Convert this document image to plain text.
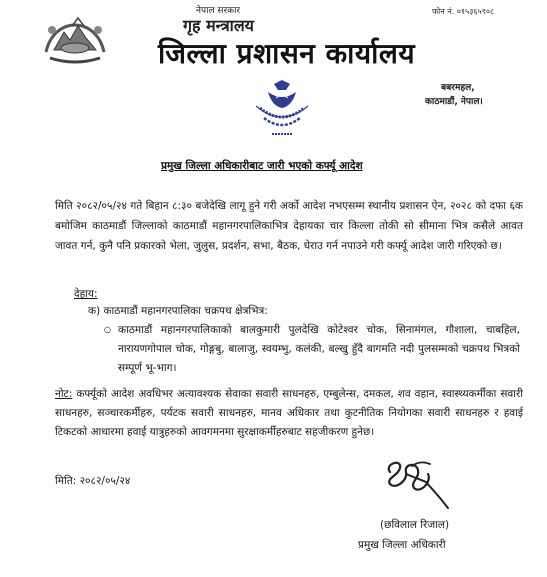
नेपाल सरकार
गृह मन्त्रालय
जिल्ला प्रशासन कार्यालय
फोन नं. ०१५३६५९०८
बबरमहल,
काठमाडौं, नेपाल।
प्रमुख जिल्ला अधिकारीबाट जारी भएको कर्फ्यू आदेश
मिति २०८२/०५/२४ गते बिहान ८:३० बजेदेखि लागू हुने गरी अर्को आदेश नभएसम्म स्थानीय प्रशासन ऐन, २०२८ को दफा ६क बमोजिम काठमाडौं जिल्लाको काठमाडौं महानगरपालिकाभित्र देहायका चार किल्ला तोकी सो सीमाना भित्र कसैले आवत जावत गर्न, कुनै पनि प्रकारको भेला, जुलुस, प्रदर्शन, सभा, बैठक, घेराउ गर्न नपाउने गरी कर्फ्यू आदेश जारी गरिएको छ।
देहाय:
क) काठमाडौं महानगरपालिका चक्रपथ क्षेत्रभित्र:
○ काठमाडौं महानगरपालिकाको बालकुमारी पुलदेखि कोटेश्वर चोक, सिनामंगल, गौशाला, चाबहिल, नारायणगोपाल चोक, गोङ्गबु, बालाजु, स्वयम्भु, कलंकी, बल्खु हुँदै बागमति नदी पुलसम्मको चक्रपथ भित्रको सम्पूर्ण भू-भाग।
नोट: कर्फ्यूको आदेश अवधिभर अत्यावश्यक सेवाका सवारी साधनहरु, एम्बुलेन्स, दमकल, शव वहान, स्वास्थ्यकर्मीका सवारी साधनहरु, सञ्चारकर्मीहरु, पर्यटक सवारी साधनहरु, मानव अधिकार तथा कुटनीतिक नियोगका सवारी साधनहरु र हवाई टिकटको आधारमा हवाई यात्रुहरुको आवगमनमा सुरक्षाकर्मीहरुबाट सहजीकरण हुनेछ।
मिति: २०८२/०५/२४
(छविलाल रिजाल)
प्रमुख जिल्ला अधिकारी
